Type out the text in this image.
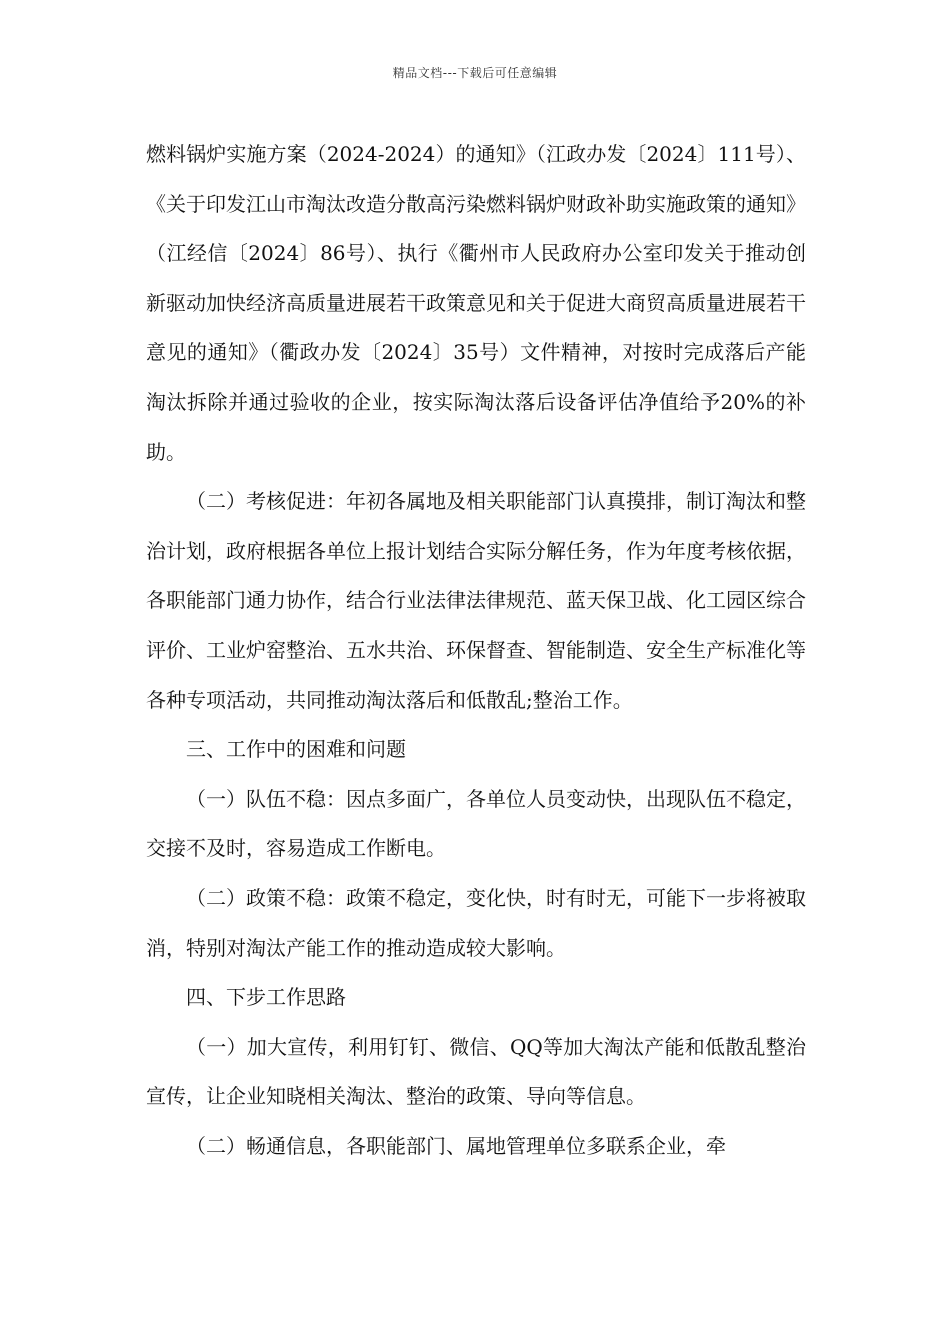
精品文档---下载后可任意编辑

燃料锅炉实施方案（2024-2024）的通知》（江政办发〔2024〕111号）、《关于印发江山市淘汰改造分散高污染燃料锅炉财政补助实施政策的通知》（江经信〔2024〕86号）、执行《衢州市人民政府办公室印发关于推动创新驱动加快经济高质量进展若干政策意见和关于促进大商贸高质量进展若干意见的通知》（衢政办发〔2024〕35号）文件精神，对按时完成落后产能淘汰拆除并通过验收的企业，按实际淘汰落后设备评估净值给予20%的补助。

（二）考核促进：年初各属地及相关职能部门认真摸排，制订淘汰和整治计划，政府根据各单位上报计划结合实际分解任务，作为年度考核依据，各职能部门通力协作，结合行业法律法律规范、蓝天保卫战、化工园区综合评价、工业炉窑整治、五水共治、环保督查、智能制造、安全生产标准化等各种专项活动，共同推动淘汰落后和低散乱;整治工作。

三、工作中的困难和问题

（一）队伍不稳：因点多面广，各单位人员变动快，出现队伍不稳定，交接不及时，容易造成工作断电。

（二）政策不稳：政策不稳定，变化快，时有时无，可能下一步将被取消，特别对淘汰产能工作的推动造成较大影响。

四、下步工作思路

（一）加大宣传，利用钉钉、微信、QQ等加大淘汰产能和低散乱整治宣传，让企业知晓相关淘汰、整治的政策、导向等信息。

（二）畅通信息，各职能部门、属地管理单位多联系企业，牵
